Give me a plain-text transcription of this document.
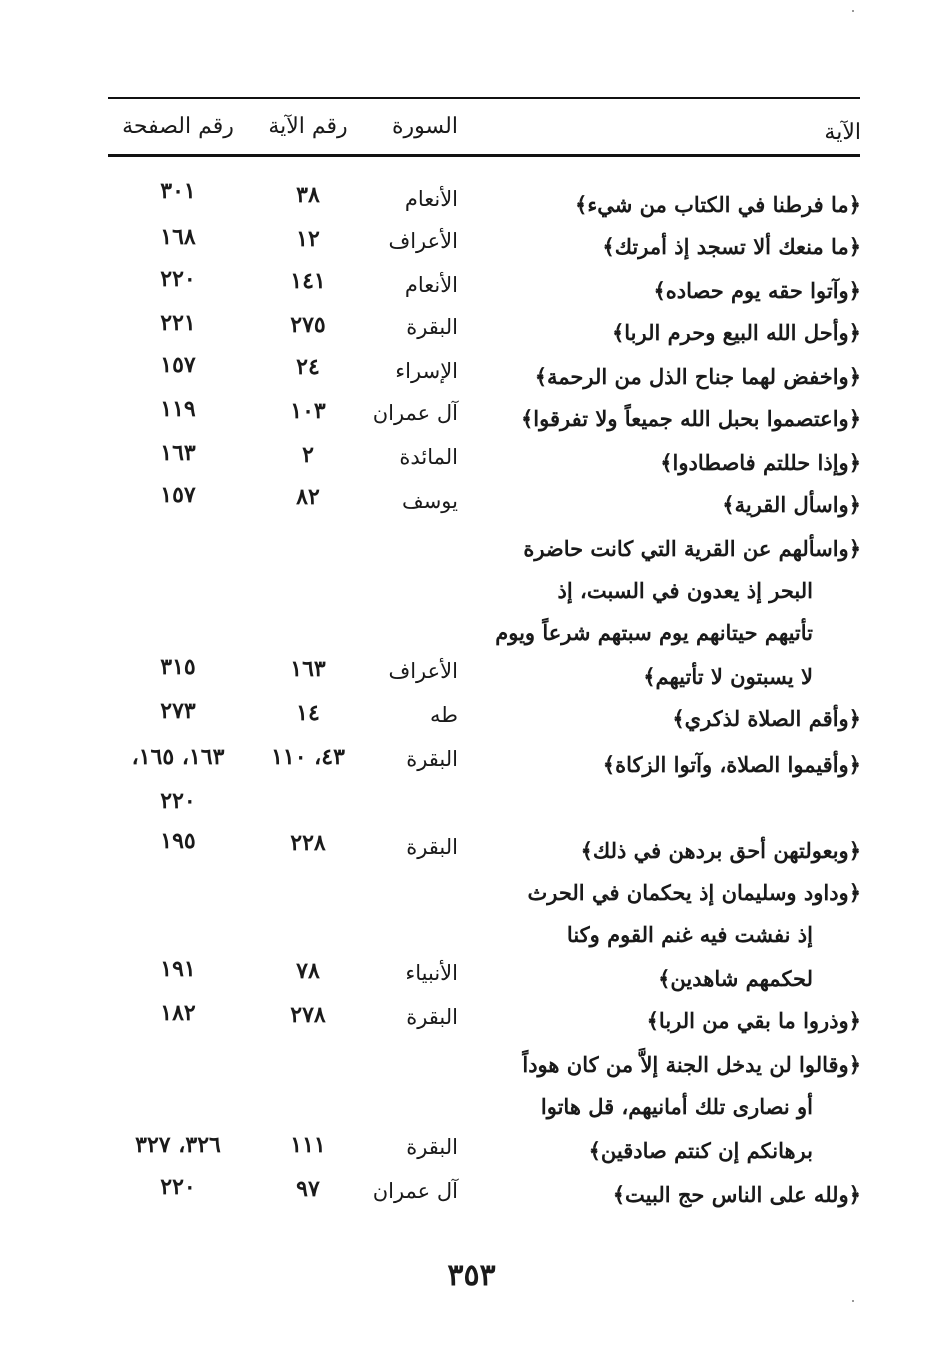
الآية
السورة
رقم الآية
رقم الصفحة
﴿ما فرطنا في الكتاب من شيء﴾
الأنعام
٣٨
٣٠١
﴿ما منعك ألا تسجد إذ أمرتك﴾
الأعراف
١٢
١٦٨
﴿وآتوا حقه يوم حصاده﴾
الأنعام
١٤١
٢٢٠
﴿وأحل الله البيع وحرم الربا﴾
البقرة
٢٧٥
٢٢١
﴿واخفض لهما جناح الذل من الرحمة﴾
الإسراء
٢٤
١٥٧
﴿واعتصموا بحبل الله جميعاً ولا تفرقوا﴾
آل عمران
١٠٣
١١٩
﴿وإذا حللتم فاصطادوا﴾
المائدة
٢
١٦٣
﴿واسأل القرية﴾
يوسف
٨٢
١٥٧
﴿واسألهم عن القرية التي كانت حاضرة
البحر إذ يعدون في السبت، إذ
تأتيهم حيتانهم يوم سبتهم شرعاً ويوم
لا يسبتون لا تأتيهم﴾
الأعراف
١٦٣
٣١٥
﴿وأقم الصلاة لذكري﴾
طه
١٤
٢٧٣
﴿وأقيموا الصلاة، وآتوا الزكاة﴾
البقرة
٤٣، ١١٠
١٦٣، ١٦٥،
٢٢٠
﴿وبعولتهن أحق بردهن في ذلك﴾
البقرة
٢٢٨
١٩٥
﴿وداود وسليمان إذ يحكمان في الحرث
إذ نفشت فيه غنم القوم وكنا
لحكمهم شاهدين﴾
الأنبياء
٧٨
١٩١
﴿وذروا ما بقي من الربا﴾
البقرة
٢٧٨
١٨٢
﴿وقالوا لن يدخل الجنة إلاَّ من كان هوداً
أو نصارى تلك أمانيهم، قل هاتوا
برهانكم إن كنتم صادقين﴾
البقرة
١١١
٣٢٦، ٣٢٧
﴿ولله على الناس حج البيت﴾
آل عمران
٩٧
٢٢٠
٣٥٣
